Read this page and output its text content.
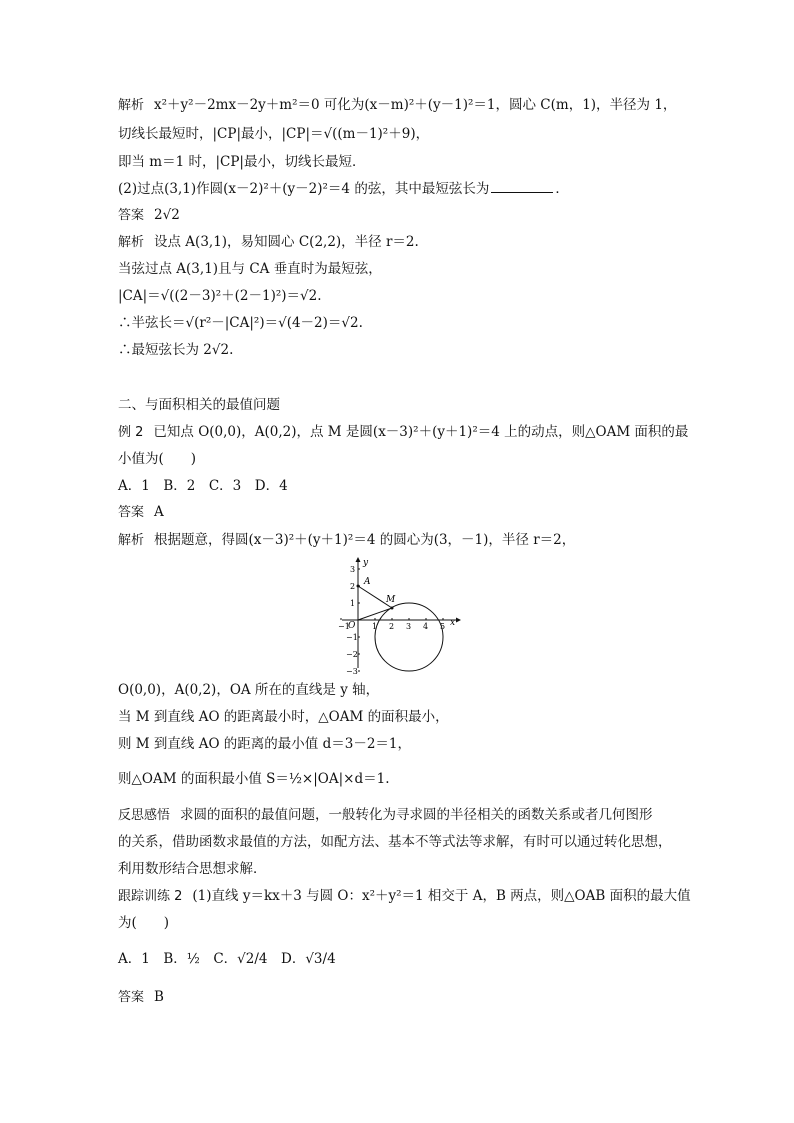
解析 x²＋y²－2mx－2y＋m²＝0 可化为(x－m)²＋(y－1)²＝1，圆心 C(m，1)，半径为 1，
切线长最短时，|CP|最小，|CP|＝√((m－1)²＋9)，
即当 m＝1 时，|CP|最小，切线长最短．
(2)过点(3,1)作圆(x－2)²＋(y－2)²＝4 的弦，其中最短弦长为	．
答案 2√2
解析 设点 A(3,1)，易知圆心 C(2,2)，半径 r＝2.
当弦过点 A(3,1)且与 CA 垂直时为最短弦，
|CA|＝√((2－3)²＋(2－1)²)＝√2.
∴半弦长＝√(r²－|CA|²)＝√(4－2)＝√2.
∴最短弦长为 2√2.
二、与面积相关的最值问题
例 2 已知点 O(0,0)，A(0,2)，点 M 是圆(x－3)²＋(y＋1)²＝4 上的动点，则△OAM 面积的最
小值为(　　)
A．1　B．2　C．3　D．4
答案 A
解析 根据题意，得圆(x－3)²＋(y＋1)²＝4 的圆心为(3，－1)，半径 r＝2，
x
y
O
−1	1 2 3 4 5
3
2
1
−1
−2
−3
A
M
O(0,0)，A(0,2)，OA 所在的直线是 y 轴，
当 M 到直线 AO 的距离最小时，△OAM 的面积最小，
则 M 到直线 AO 的距离的最小值 d＝3－2＝1，
则△OAM 的面积最小值 S＝½×|OA|×d＝1.
反思感悟 求圆的面积的最值问题，一般转化为寻求圆的半径相关的函数关系或者几何图形
的关系，借助函数求最值的方法，如配方法、基本不等式法等求解，有时可以通过转化思想，
利用数形结合思想求解．
跟踪训练 2 (1)直线 y＝kx＋3 与圆 O：x²＋y²＝1 相交于 A，B 两点，则△OAB 面积的最大值
为(　　)
A．1　B．½　C．√2/4　D．√3/4
答案 B
